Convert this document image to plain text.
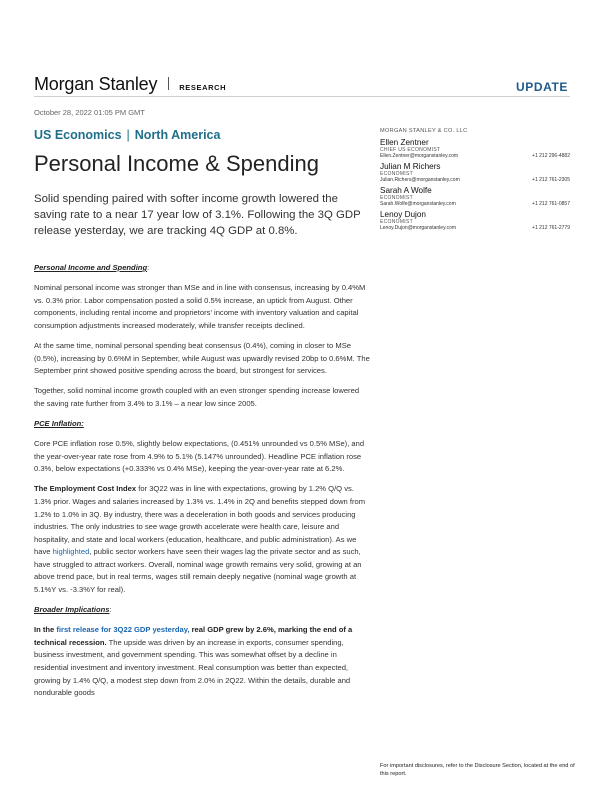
Morgan Stanley	RESEARCH	UPDATE
October 28, 2022 01:05 PM GMT
US Economics | North America
Personal Income & Spending
Solid spending paired with softer income growth lowered the saving rate to a near 17 year low of 3.1%. Following the 3Q GDP release yesterday, we are tracking 4Q GDP at 0.8%.

Personal Income and Spending:

Nominal personal income was stronger than MSe and in line with consensus, increasing by 0.4%M vs. 0.3% prior. Labor compensation posted a solid 0.5% increase, an uptick from August. Other components, including rental income and proprietors' income with inventory valuation and capital consumption adjustments increased moderately, while transfer receipts declined.

At the same time, nominal personal spending beat consensus (0.4%), coming in closer to MSe (0.5%), increasing by 0.6%M in September, while August was upwardly revised 20bp to 0.6%M. The September print showed positive spending across the board, but strongest for services.

Together, solid nominal income growth coupled with an even stronger spending increase lowered the saving rate further from 3.4% to 3.1% – a near low since 2005.

PCE Inflation:

Core PCE inflation rose 0.5%, slightly below expectations, (0.451% unrounded vs 0.5% MSe), and the year-over-year rate rose from 4.9% to 5.1% (5.147% unrounded). Headline PCE inflation rose 0.3%, below expectations (+0.333% vs 0.4% MSe), keeping the year-over-year rate at 6.2%.

The Employment Cost Index for 3Q22 was in line with expectations, growing by 1.2% Q/Q vs. 1.3% prior. Wages and salaries increased by 1.3% vs. 1.4% in 2Q and benefits stepped down from 1.2% to 1.0% in 3Q. By industry, there was a deceleration in both goods and services producing industries. The only industries to see wage growth accelerate were health care, leisure and hospitality, and state and local workers (education, healthcare, and public administration). As we have highlighted, public sector workers have seen their wages lag the private sector and as such, have struggled to attract workers. Overall, nominal wage growth remains very solid, growing at an above trend pace, but in real terms, wages still remain deeply negative (nominal wage growth at 5.1%Y vs. -3.3%Y for real).

Broader Implications:

In the first release for 3Q22 GDP yesterday, real GDP grew by 2.6%, marking the end of a technical recession. The upside was driven by an increase in exports, consumer spending, business investment, and government spending. This was somewhat offset by a decline in residential investment and inventory investment. Real consumption was better than expected, growing by 1.4% Q/Q, a modest step down from 2.0% in 2Q22. Within the details, durable and nondurable goods

MORGAN STANLEY & CO. LLC
Ellen Zentner
CHIEF US ECONOMIST
Ellen.Zentner@morganstanley.com	+1 212 296-4882
Julian M Richers
ECONOMIST
Julian.Richers@morganstanley.com	+1 212 761-2305
Sarah A Wolfe
ECONOMIST
Sarah.Wolfe@morganstanley.com	+1 212 761-0857
Lenoy Dujon
ECONOMIST
Lenoy.Dujon@morganstanley.com	+1 212 761-2779
For important disclosures, refer to the Disclosure Section, located at the end of this report.
